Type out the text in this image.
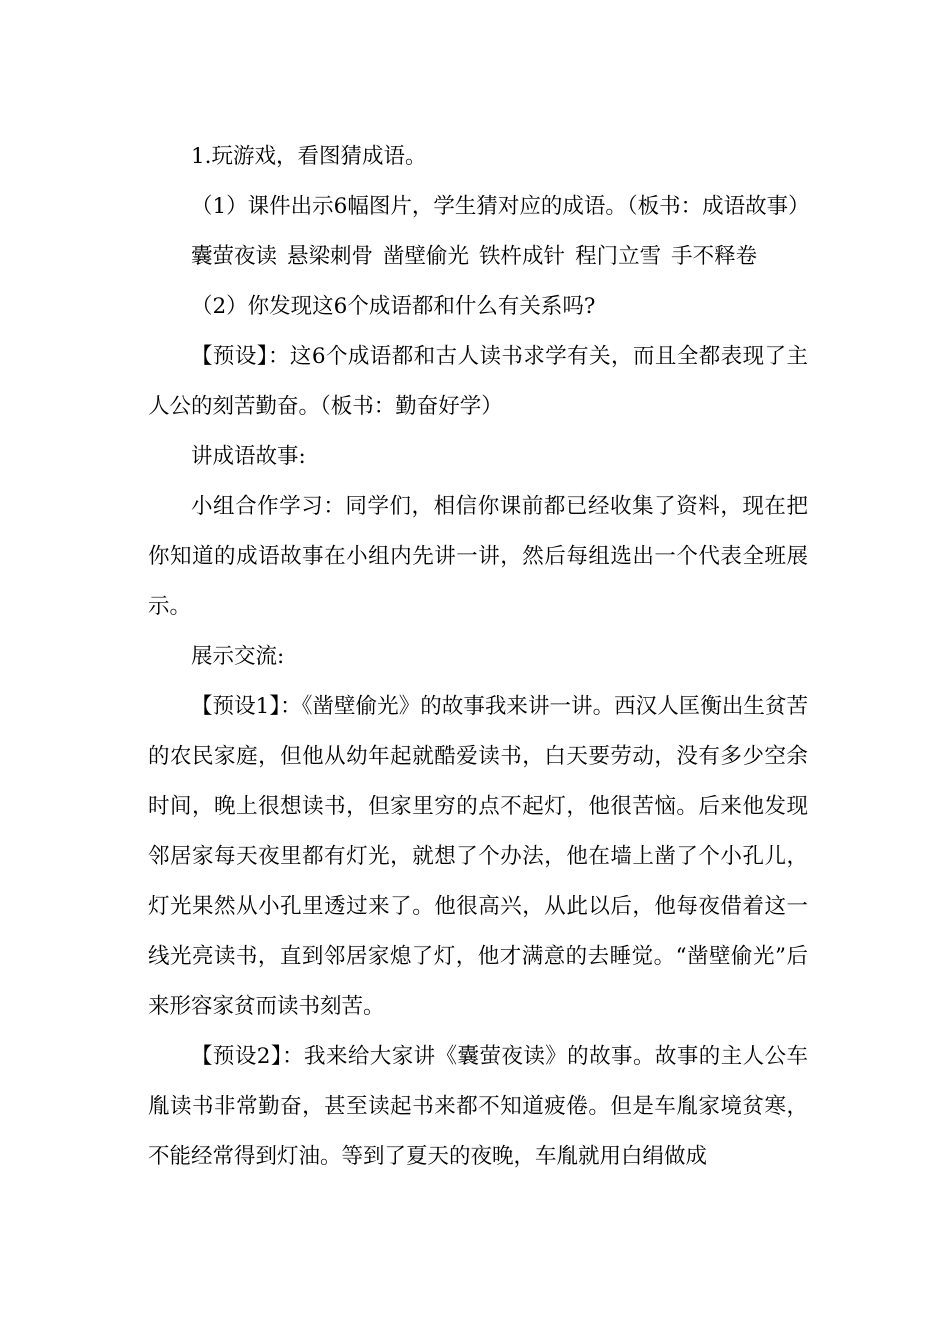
1.玩游戏，看图猜成语。

（1）课件出示6幅图片，学生猜对应的成语。（板书：成语故事）

囊萤夜读 悬梁刺骨 凿壁偷光 铁杵成针 程门立雪 手不释卷

（2）你发现这6个成语都和什么有关系吗?

【预设】：这6个成语都和古人读书求学有关，而且全都表现了主人公的刻苦勤奋。（板书：勤奋好学）

讲成语故事:

小组合作学习：同学们，相信你课前都已经收集了资料，现在把你知道的成语故事在小组内先讲一讲，然后每组选出一个代表全班展示。

展示交流:

【预设1】：《凿壁偷光》的故事我来讲一讲。西汉人匡衡出生贫苦的农民家庭，但他从幼年起就酷爱读书，白天要劳动，没有多少空余时间，晚上很想读书，但家里穷的点不起灯，他很苦恼。后来他发现邻居家每天夜里都有灯光，就想了个办法，他在墙上凿了个小孔儿，灯光果然从小孔里透过来了。他很高兴，从此以后，他每夜借着这一线光亮读书，直到邻居家熄了灯，他才满意的去睡觉。“凿壁偷光”后来形容家贫而读书刻苦。

【预设2】：我来给大家讲《囊萤夜读》的故事。故事的主人公车胤读书非常勤奋，甚至读起书来都不知道疲倦。但是车胤家境贫寒，不能经常得到灯油。等到了夏天的夜晚，车胤就用白绢做成
